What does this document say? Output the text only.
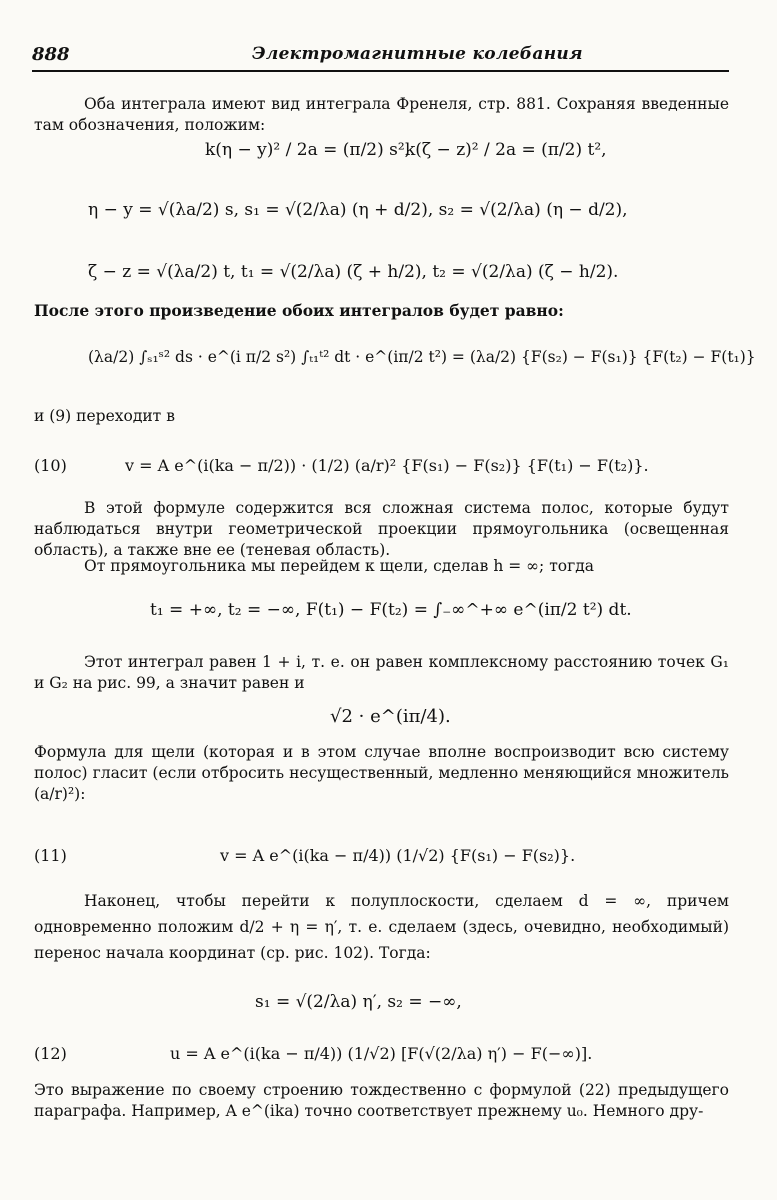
888	Электромагнитные колебания
Оба интеграла имеют вид интеграла Френеля, стр. 881. Сохраняя введенные там обозначения, положим:
k(η − y)² / 2a = (π/2) s²,
k(ζ − z)² / 2a = (π/2) t²,
η − y = √(λa/2) s, s₁ = √(2/λa) (η + d/2), s₂ = √(2/λa) (η − d/2),
ζ − z = √(λa/2) t, t₁ = √(2/λa) (ζ + h/2), t₂ = √(2/λa) (ζ − h/2).
После этого произведение обоих интегралов будет равно:
(λa/2) ∫ₛ₁ˢ² ds · e^(i π/2 s²) ∫ₜ₁ᵗ² dt · e^(iπ/2 t²) = (λa/2) {F(s₂) − F(s₁)} {F(t₂) − F(t₁)}
и (9) переходит в
(10)	v = A e^(i(ka − π/2)) · (1/2) (a/r)² {F(s₁) − F(s₂)} {F(t₁) − F(t₂)}.
В этой формуле содержится вся сложная система полос, которые будут наблюдаться внутри геометрической проекции прямоугольника (освещенная область), а также вне ее (теневая область).
От прямоугольника мы перейдем к щели, сделав h = ∞; тогда
t₁ = +∞, t₂ = −∞, F(t₁) − F(t₂) = ∫₋∞^+∞ e^(iπ/2 t²) dt.
Этот интеграл равен 1 + i, т. е. он равен комплексному расстоянию точек G₁ и G₂ на рис. 99, а значит равен и
√2 · e^(iπ/4).
Формула для щели (которая и в этом случае вполне воспроизводит всю систему полос) гласит (если отбросить несущественный, медленно меняющийся множитель (a/r)²):
(11)	v = A e^(i(ka − π/4)) (1/√2) {F(s₁) − F(s₂)}.
Наконец, чтобы перейти к полуплоскости, сделаем d = ∞, причем одновременно положим d/2 + η = η′, т. е. сделаем (здесь, очевидно, необходимый) перенос начала координат (ср. рис. 102). Тогда:
s₁ = √(2/λa) η′, s₂ = −∞,
(12)	u = A e^(i(ka − π/4)) (1/√2) [F(√(2/λa) η′) − F(−∞)].
Это выражение по своему строению тождественно с формулой (22) предыдущего параграфа. Например, A e^(ika) точно соответствует прежнему u₀. Немного дру-
